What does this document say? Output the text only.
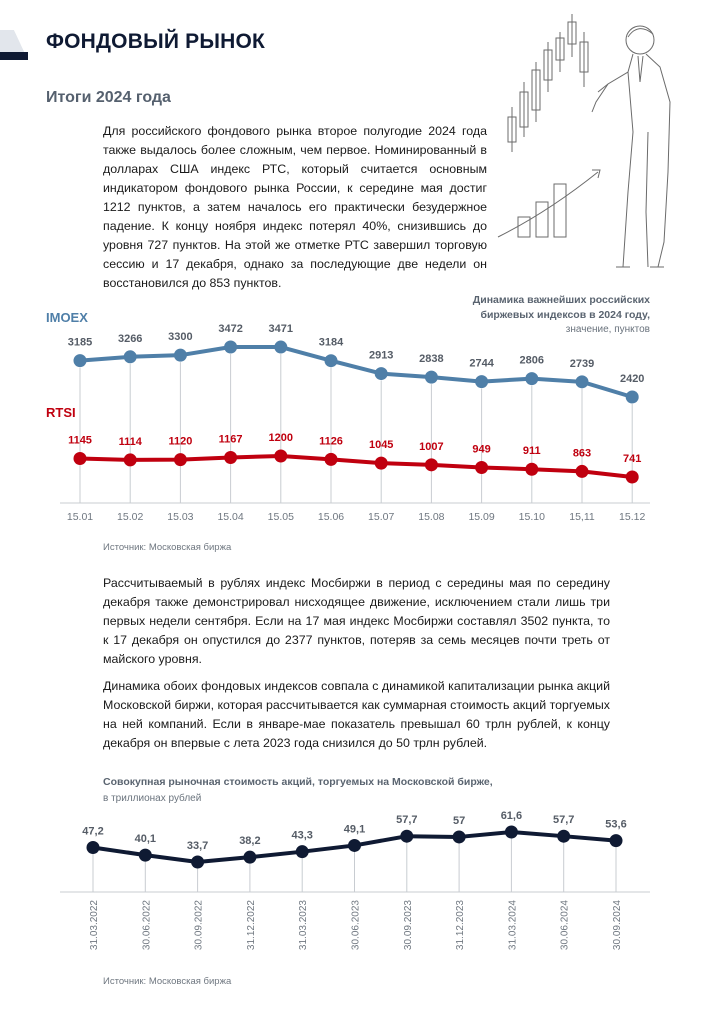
ФОНДОВЫЙ РЫНОК
Итоги 2024 года
Для российского фондового рынка второе полугодие 2024 года также выдалось более сложным, чем первое. Номинированный в долларах США индекс РТС, который считается основным индикатором фондового рынка России, к середине мая достиг 1212 пунктов, а затем началось его практически безудержное падение. К концу ноября индекс потерял 40%, снизившись до уровня 727 пунктов. На этой же отметке РТС завершил торговую сессию и 17 декабря, однако за последующие две недели он восстановился до 853 пунктов.
Динамика важнейших российских
биржевых индексов в 2024 году,
значение, пунктов
IMOEX
RTSI
3185 3266 3300
3472 3471
3184
2913 2838 2744 2806 2739
2420
1145 1114 1120 1167 1200 1126 1045 1007	949	911	863	741
15.01 15.02 15.03 15.04 15.05 15.06 15.07 15.08 15.09 15.10 15,11 15.12
Источник: Московская биржа
Рассчитываемый в рублях индекс Мосбиржи в период с середины мая по середину декабря также демонстрировал нисходящее движение, исключением стали лишь три первых недели сентября. Если на 17 мая индекс Мосбиржи составлял 3502 пункта, то к 17 декабря он опустился до 2377 пунктов, потеряв за семь месяцев почти треть от майского уровня.
Динамика обоих фондовых индексов совпала с динамикой капитализации рынка акций Московской биржи, которая рассчитывается как суммарная стоимость акций торгуемых на ней компаний. Если в январе-мае показатель превышал 60 трлн рублей, к концу декабря он впервые с лета 2023 года снизился до 50 трлн рублей.
Совокупная рыночная стоимость акций, торгуемых на Московской бирже,
в триллионах рублей
47,2
40,1
33,7	38,2	43,3
49,1
57,7	57	61,6	57,7	53,6
31.03.2022	30.06.2022	30.09.2022	31.12.2022	31.03.2023	30.06.2023	30.09.2023	31.12.2023	31.03.2024	30.06.2024	30.09.2024
Источник: Московская биржа
